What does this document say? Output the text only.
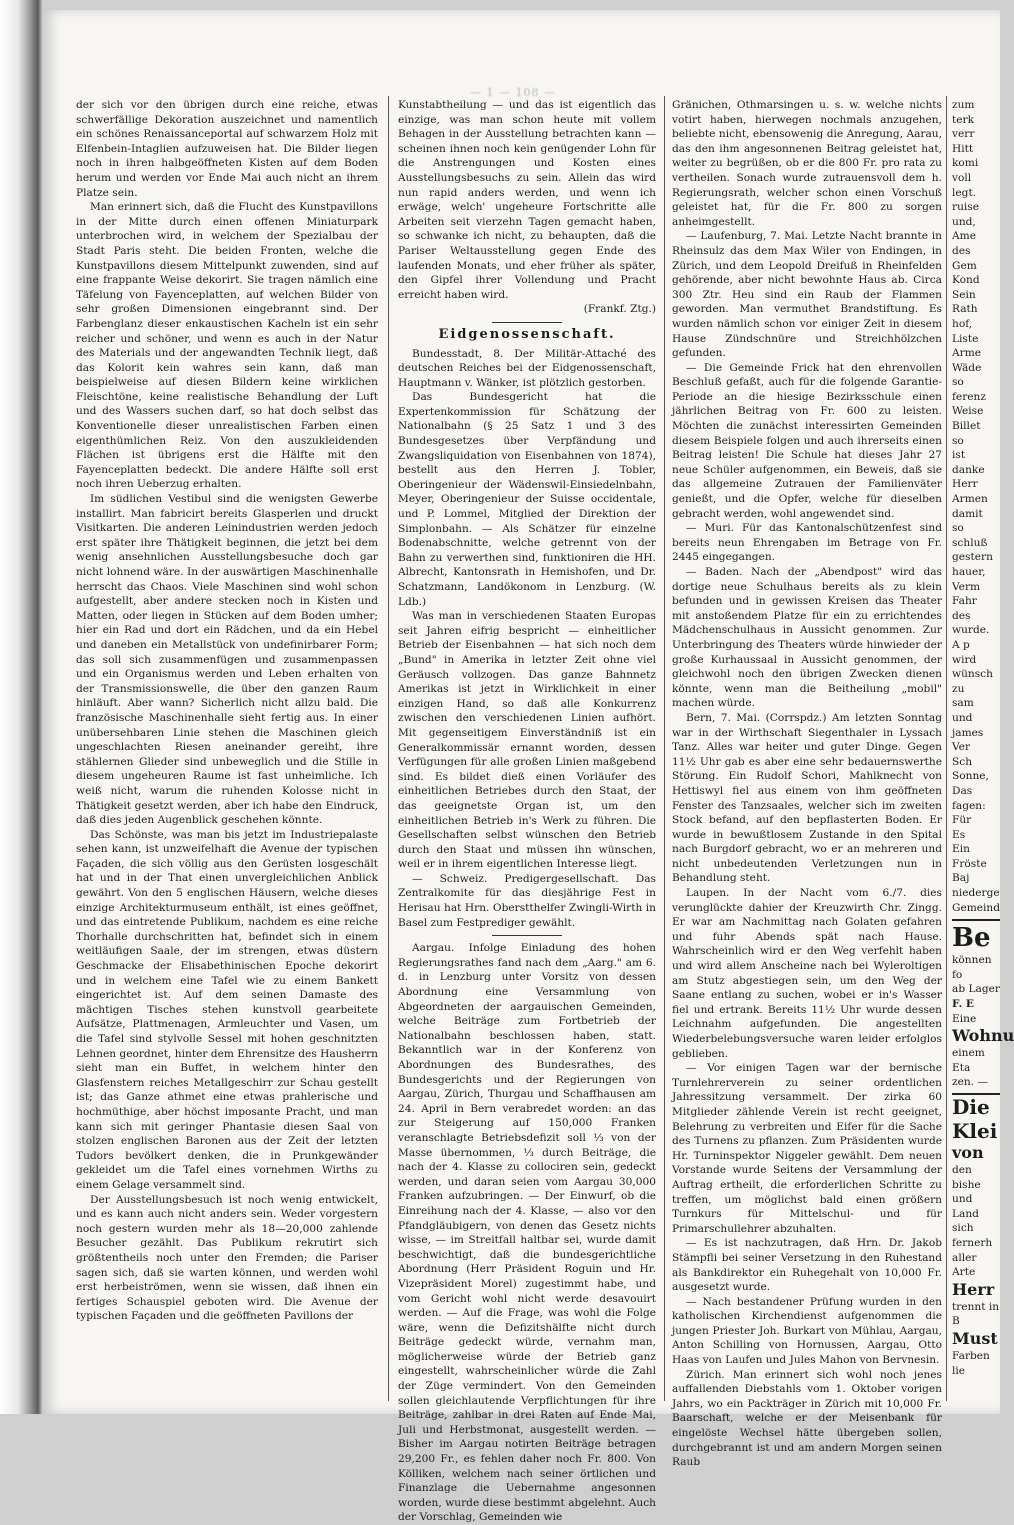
— 1 — 108 —

der sich vor den übrigen durch eine reiche, etwas schwerfällige Dekoration auszeichnet und namentlich ein schönes Renaissanceportal auf schwarzem Holz mit Elfenbein-Intaglien aufzuweisen hat. Die Bilder liegen noch in ihren halbgeöffneten Kisten auf dem Boden herum und werden vor Ende Mai auch nicht an ihrem Platze sein.

Man erinnert sich, daß die Flucht des Kunstpavillons in der Mitte durch einen offenen Miniaturpark unterbrochen wird, in welchem der Spezialbau der Stadt Paris steht. Die beiden Fronten, welche die Kunstpavillons diesem Mittelpunkt zuwenden, sind auf eine frappante Weise dekorirt. Sie tragen nämlich eine Täfelung von Fayenceplatten, auf welchen Bilder von sehr großen Dimensionen eingebrannt sind. Der Farbenglanz dieser enkaustischen Kacheln ist ein sehr reicher und schöner, und wenn es auch in der Natur des Materials und der angewandten Technik liegt, daß das Kolorit kein wahres sein kann, daß man beispielweise auf diesen Bildern keine wirklichen Fleischtöne, keine realistische Behandlung der Luft und des Wassers suchen darf, so hat doch selbst das Konventionelle dieser unrealistischen Farben einen eigenthümlichen Reiz. Von den auszukleidenden Flächen ist übrigens erst die Hälfte mit den Fayenceplatten bedeckt. Die andere Hälfte soll erst noch ihren Ueberzug erhalten.

Im südlichen Vestibul sind die wenigsten Gewerbe installirt. Man fabricirt bereits Glasperlen und druckt Visitkarten. Die anderen Leinindustrien werden jedoch erst später ihre Thätigkeit beginnen, die jetzt bei dem wenig ansehnlichen Ausstellungsbesuche doch gar nicht lohnend wäre. In der auswärtigen Maschinenhalle herrscht das Chaos. Viele Maschinen sind wohl schon aufgestellt, aber andere stecken noch in Kisten und Matten, oder liegen in Stücken auf dem Boden umher; hier ein Rad und dort ein Rädchen, und da ein Hebel und daneben ein Metallstück von undefinirbarer Form; das soll sich zusammenfügen und zusammenpassen und ein Organismus werden und Leben erhalten von der Transmissionswelle, die über den ganzen Raum hinläuft. Aber wann? Sicherlich nicht allzu bald. Die französische Maschinenhalle sieht fertig aus. In einer unübersehbaren Linie stehen die Maschinen gleich ungeschlachten Riesen aneinander gereiht, ihre stählernen Glieder sind unbeweglich und die Stille in diesem ungeheuren Raume ist fast unheimliche. Ich weiß nicht, warum die ruhenden Kolosse nicht in Thätigkeit gesetzt werden, aber ich habe den Eindruck, daß dies jeden Augenblick geschehen könnte.

Das Schönste, was man bis jetzt im Industriepalaste sehen kann, ist unzweifelhaft die Avenue der typischen Façaden, die sich völlig aus den Gerüsten losgeschält hat und in der That einen unvergleichlichen Anblick gewährt. Von den 5 englischen Häusern, welche dieses einzige Architekturmuseum enthält, ist eines geöffnet, und das eintretende Publikum, nachdem es eine reiche Thorhalle durchschritten hat, befindet sich in einem weitläufigen Saale, der im strengen, etwas düstern Geschmacke der Elisabethinischen Epoche dekorirt und in welchem eine Tafel wie zu einem Bankett eingerichtet ist. Auf dem seinen Damaste des mächtigen Tisches stehen kunstvoll gearbeitete Aufsätze, Plattmenagen, Armleuchter und Vasen, um die Tafel sind stylvolle Sessel mit hohen geschnitzten Lehnen geordnet, hinter dem Ehrensitze des Hausherrn sieht man ein Buffet, in welchem hinter den Glasfenstern reiches Metallgeschirr zur Schau gestellt ist; das Ganze athmet eine etwas prahlerische und hochmüthige, aber höchst imposante Pracht, und man kann sich mit geringer Phantasie diesen Saal von stolzen englischen Baronen aus der Zeit der letzten Tudors bevölkert denken, die in Prunkgewänder gekleidet um die Tafel eines vornehmen Wirths zu einem Gelage versammelt sind.

Der Ausstellungsbesuch ist noch wenig entwickelt, und es kann auch nicht anders sein. Weder vorgestern noch gestern wurden mehr als 18—20,000 zahlende Besucher gezählt. Das Publikum rekrutirt sich größtentheils noch unter den Fremden; die Pariser sagen sich, daß sie warten können, und werden wohl erst herbeiströmen, wenn sie wissen, daß ihnen ein fertiges Schauspiel geboten wird. Die Avenue der typischen Façaden und die geöffneten Pavillons der

Kunstabtheilung — und das ist eigentlich das einzige, was man schon heute mit vollem Behagen in der Ausstellung betrachten kann — scheinen ihnen noch kein genügender Lohn für die Anstrengungen und Kosten eines Ausstellungsbesuchs zu sein. Allein das wird nun rapid anders werden, und wenn ich erwäge, welch' ungeheure Fortschritte alle Arbeiten seit vierzehn Tagen gemacht haben, so schwanke ich nicht, zu behaupten, daß die Pariser Weltausstellung gegen Ende des laufenden Monats, und eher früher als später, den Gipfel ihrer Vollendung und Pracht erreicht haben wird.

(Frankf. Ztg.)

Eidgenossenschaft.

Bundesstadt, 8. Der Militär-Attaché des deutschen Reiches bei der Eidgenossenschaft, Hauptmann v. Wänker, ist plötzlich gestorben.

Das Bundesgericht hat die Expertenkommission für Schätzung der Nationalbahn (§ 25 Satz 1 und 3 des Bundesgesetzes über Verpfändung und Zwangsliquidation von Eisenbahnen von 1874), bestellt aus den Herren J. Tobler, Oberingenieur der Wädenswil-Einsiedelnbahn, Meyer, Oberingenieur der Suisse occidentale, und P. Lommel, Mitglied der Direktion der Simplonbahn. — Als Schätzer für einzelne Bodenabschnitte, welche getrennt von der Bahn zu verwerthen sind, funktioniren die HH. Albrecht, Kantonsrath in Hemishofen, und Dr. Schatzmann, Landökonom in Lenzburg. (W. Ldb.)

Was man in verschiedenen Staaten Europas seit Jahren eifrig bespricht — einheitlicher Betrieb der Eisenbahnen — hat sich noch dem „Bund" in Amerika in letzter Zeit ohne viel Geräusch vollzogen. Das ganze Bahnnetz Amerikas ist jetzt in Wirklichkeit in einer einzigen Hand, so daß alle Konkurrenz zwischen den verschiedenen Linien aufhört. Mit gegenseitigem Einverständniß ist ein Generalkommissär ernannt worden, dessen Verfügungen für alle großen Linien maßgebend sind. Es bildet dieß einen Vorläufer des einheitlichen Betriebes durch den Staat, der das geeignetste Organ ist, um den einheitlichen Betrieb in's Werk zu führen. Die Gesellschaften selbst wünschen den Betrieb durch den Staat und müssen ihn wünschen, weil er in ihrem eigentlichen Interesse liegt.

— Schweiz. Predigergesellschaft. Das Zentralkomite für das diesjährige Fest in Herisau hat Hrn. Oberstthelfer Zwingli-Wirth in Basel zum Festprediger gewählt.

Aargau. Infolge Einladung des hohen Regierungsrathes fand nach dem „Aarg." am 6. d. in Lenzburg unter Vorsitz von dessen Abordnung eine Versammlung von Abgeordneten der aargauischen Gemeinden, welche Beiträge zum Fortbetrieb der Nationalbahn beschlossen haben, statt. Bekanntlich war in der Konferenz von Abordnungen des Bundesrathes, des Bundesgerichts und der Regierungen von Aargau, Zürich, Thurgau und Schaffhausen am 24. April in Bern verabredet worden: an das zur Steigerung auf 150,000 Franken veranschlagte Betriebsdefizit soll ⅓ von der Masse übernommen, ⅓ durch Beiträge, die nach der 4. Klasse zu collociren sein, gedeckt werden, und daran seien vom Aargau 30,000 Franken aufzubringen. — Der Einwurf, ob die Einreihung nach der 4. Klasse, — also vor den Pfandgläubigern, von denen das Gesetz nichts wisse, — im Streitfall haltbar sei, wurde damit beschwichtigt, daß die bundesgerichtliche Abordnung (Herr Präsident Roguin und Hr. Vizepräsident Morel) zugestimmt habe, und vom Gericht wohl nicht werde desavouirt werden. — Auf die Frage, was wohl die Folge wäre, wenn die Defizitshälfte nicht durch Beiträge gedeckt würde, vernahm man, möglicherweise würde der Betrieb ganz eingestellt, wahrscheinlicher würde die Zahl der Züge vermindert. Von den Gemeinden sollen gleichlautende Verpflichtungen für ihre Beiträge, zahlbar in drei Raten auf Ende Mai, Juli und Herbstmonat, ausgestellt werden. — Bisher im Aargau notirten Beiträge betragen 29,200 Fr., es fehlen daher noch Fr. 800. Von Kölliken, welchem nach seiner örtlichen und Finanzlage die Uebernahme angesonnen worden, wurde diese bestimmt abgelehnt. Auch der Vorschlag, Gemeinden wie

Gränichen, Othmarsingen u. s. w. welche nichts votirt haben, hierwegen nochmals anzugehen, beliebte nicht, ebensowenig die Anregung, Aarau, das den ihm angesonnenen Beitrag geleistet hat, weiter zu begrüßen, ob er die 800 Fr. pro rata zu vertheilen. Sonach wurde zutrauensvoll dem h. Regierungsrath, welcher schon einen Vorschuß geleistet hat, für die Fr. 800 zu sorgen anheimgestellt.

— Laufenburg, 7. Mai. Letzte Nacht brannte in Rheinsulz das dem Max Wiler von Endingen, in Zürich, und dem Leopold Dreifuß in Rheinfelden gehörende, aber nicht bewohnte Haus ab. Circa 300 Ztr. Heu sind ein Raub der Flammen geworden. Man vermuthet Brandstiftung. Es wurden nämlich schon vor einiger Zeit in diesem Hause Zündschnüre und Streichhölzchen gefunden.

— Die Gemeinde Frick hat den ehrenvollen Beschluß gefaßt, auch für die folgende Garantie-Periode an die hiesige Bezirksschule einen jährlichen Beitrag von Fr. 600 zu leisten. Möchten die zunächst interessirten Gemeinden diesem Beispiele folgen und auch ihrerseits einen Beitrag leisten! Die Schule hat dieses Jahr 27 neue Schüler aufgenommen, ein Beweis, daß sie das allgemeine Zutrauen der Familienväter genießt, und die Opfer, welche für dieselben gebracht werden, wohl angewendet sind.

— Muri. Für das Kantonalschützenfest sind bereits neun Ehrengaben im Betrage von Fr. 2445 eingegangen.

— Baden. Nach der „Abendpost" wird das dortige neue Schulhaus bereits als zu klein befunden und in gewissen Kreisen das Theater mit anstoßendem Platze für ein zu errichtendes Mädchenschulhaus in Aussicht genommen. Zur Unterbringung des Theaters würde hinwieder der große Kurhaussaal in Aussicht genommen, der gleichwohl noch den übrigen Zwecken dienen könnte, wenn man die Beitheilung „mobil" machen würde.

Bern, 7. Mai. (Corrspdz.) Am letzten Sonntag war in der Wirthschaft Siegenthaler in Lyssach Tanz. Alles war heiter und guter Dinge. Gegen 11½ Uhr gab es aber eine sehr bedauernswerthe Störung. Ein Rudolf Schori, Mahlknecht von Hettiswyl fiel aus einem von ihm geöffneten Fenster des Tanzsaales, welcher sich im zweiten Stock befand, auf den bepflasterten Boden. Er wurde in bewußtlosem Zustande in den Spital nach Burgdorf gebracht, wo er an mehreren und nicht unbedeutenden Verletzungen nun in Behandlung steht.

Laupen. In der Nacht vom 6./7. dies verunglückte dahier der Kreuzwirth Chr. Zingg. Er war am Nachmittag nach Golaten gefahren und fuhr Abends spät nach Hause. Wahrscheinlich wird er den Weg verfehlt haben und wird allem Anscheine nach bei Wyleroltigen am Stutz abgestiegen sein, um den Weg der Saane entlang zu suchen, wobei er in's Wasser fiel und ertrank. Bereits 11½ Uhr wurde dessen Leichnahm aufgefunden. Die angestellten Wiederbelebungsversuche waren leider erfolglos geblieben.

— Vor einigen Tagen war der bernische Turnlehrerverein zu seiner ordentlichen Jahressitzung versammelt. Der zirka 60 Mitglieder zählende Verein ist recht geeignet, Belehrung zu verbreiten und Eifer für die Sache des Turnens zu pflanzen. Zum Präsidenten wurde Hr. Turninspektor Niggeler gewählt. Dem neuen Vorstande wurde Seitens der Versammlung der Auftrag ertheilt, die erforderlichen Schritte zu treffen, um möglichst bald einen größern Turnkurs für Mittelschul- und für Primarschullehrer abzuhalten.

— Es ist nachzutragen, daß Hrn. Dr. Jakob Stämpfli bei seiner Versetzung in den Ruhestand als Bankdirektor ein Ruhegehalt von 10,000 Fr. ausgesetzt wurde.

— Nach bestandener Prüfung wurden in den katholischen Kirchendienst aufgenommen die jungen Priester Joh. Burkart von Mühlau, Aargau, Anton Schilling von Hornussen, Aargau, Otto Haas von Laufen und Jules Mahon von Bervnesin.

Zürich. Man erinnert sich wohl noch jenes auffallenden Diebstahls vom 1. Oktober vorigen Jahrs, wo ein Packträger in Zürich mit 10,000 Fr. Baarschaft, welche er der Meisenbank für eingelöste Wechsel hätte übergeben sollen, durchgebrannt ist und am andern Morgen seinen Raub

zum
terk
verr
Hitt
komi
voll
legt.
ruise
und,
Ame
des
Gem
Kond
Sein
Rath
hof,
Liste
Arme
Wäde
so
ferenz
Weise
Billet
so
ist
danke
Herr
Armen
damit
so
schluß
gestern
hauer,
Verm
Fahr
des
wurde.
A p
wird
wünsch
zu
sam
und
james
Ver
Sch
Sonne,
Das
fagen:
Für
Es
Ein
Fröste
Baj
niederge
Gemeind
Be
können fo
ab Lager
F. E
Eine
Wohnu
einem Eta
zen. —
Die Klei
von
den bishe
und Land
sich fernerh
aller Arte
Herr
trennt in B
Must
Farben lie
